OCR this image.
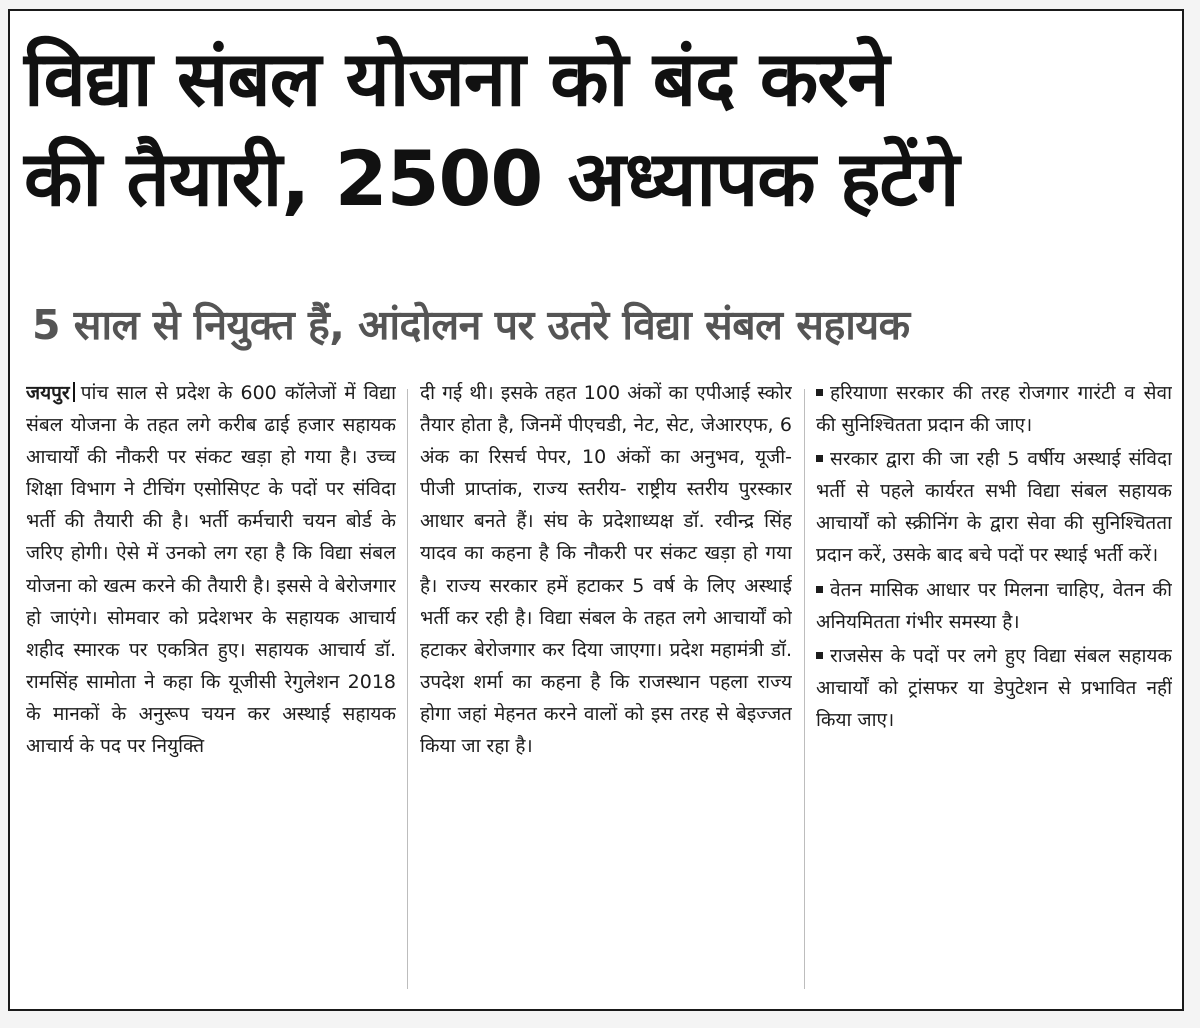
विद्या संबल योजना को बंद करने
की तैयारी, 2500 अध्यापक हटेंगे
5 साल से नियुक्त हैं, आंदोलन पर उतरे विद्या संबल सहायक

जयपुर पांच साल से प्रदेश के 600 कॉलेजों में विद्या संबल योजना के तहत लगे करीब ढाई हजार सहायक आचार्यों की नौकरी पर संकट खड़ा हो गया है। उच्च शिक्षा विभाग ने टीचिंग एसोसिएट के पदों पर संविदा भर्ती की तैयारी की है। भर्ती कर्मचारी चयन बोर्ड के जरिए होगी। ऐसे में उनको लग रहा है कि विद्या संबल योजना को खत्म करने की तैयारी है। इससे वे बेरोजगार हो जाएंगे। सोमवार को प्रदेशभर के सहायक आचार्य शहीद स्मारक पर एकत्रित हुए। सहायक आचार्य डॉ. रामसिंह सामोता ने कहा कि यूजीसी रेगुलेशन 2018 के मानकों के अनुरूप चयन कर अस्थाई सहायक आचार्य के पद पर नियुक्ति

दी गई थी। इसके तहत 100 अंकों का एपीआई स्कोर तैयार होता है, जिनमें पीएचडी, नेट, सेट, जेआरएफ, 6 अंक का रिसर्च पेपर, 10 अंकों का अनुभव, यूजी- पीजी प्राप्तांक, राज्य स्तरीय- राष्ट्रीय स्तरीय पुरस्कार आधार बनते हैं। संघ के प्रदेशाध्यक्ष डॉ. रवीन्द्र सिंह यादव का कहना है कि नौकरी पर संकट खड़ा हो गया है। राज्य सरकार हमें हटाकर 5 वर्ष के लिए अस्थाई भर्ती कर रही है। विद्या संबल के तहत लगे आचार्यों को हटाकर बेरोजगार कर दिया जाएगा। प्रदेश महामंत्री डॉ. उपदेश शर्मा का कहना है कि राजस्थान पहला राज्य होगा जहां मेहनत करने वालों को इस तरह से बेइज्जत किया जा रहा है।

हरियाणा सरकार की तरह रोजगार गारंटी व सेवा की सुनिश्चितता प्रदान की जाए।

सरकार द्वारा की जा रही 5 वर्षीय अस्थाई संविदा भर्ती से पहले कार्यरत सभी विद्या संबल सहायक आचार्यों को स्क्रीनिंग के द्वारा सेवा की सुनिश्चितता प्रदान करें, उसके बाद बचे पदों पर स्थाई भर्ती करें।

वेतन मासिक आधार पर मिलना चाहिए, वेतन की अनियमितता गंभीर समस्या है।

राजसेस के पदों पर लगे हुए विद्या संबल सहायक आचार्यों को ट्रांसफर या डेपुटेशन से प्रभावित नहीं किया जाए।
